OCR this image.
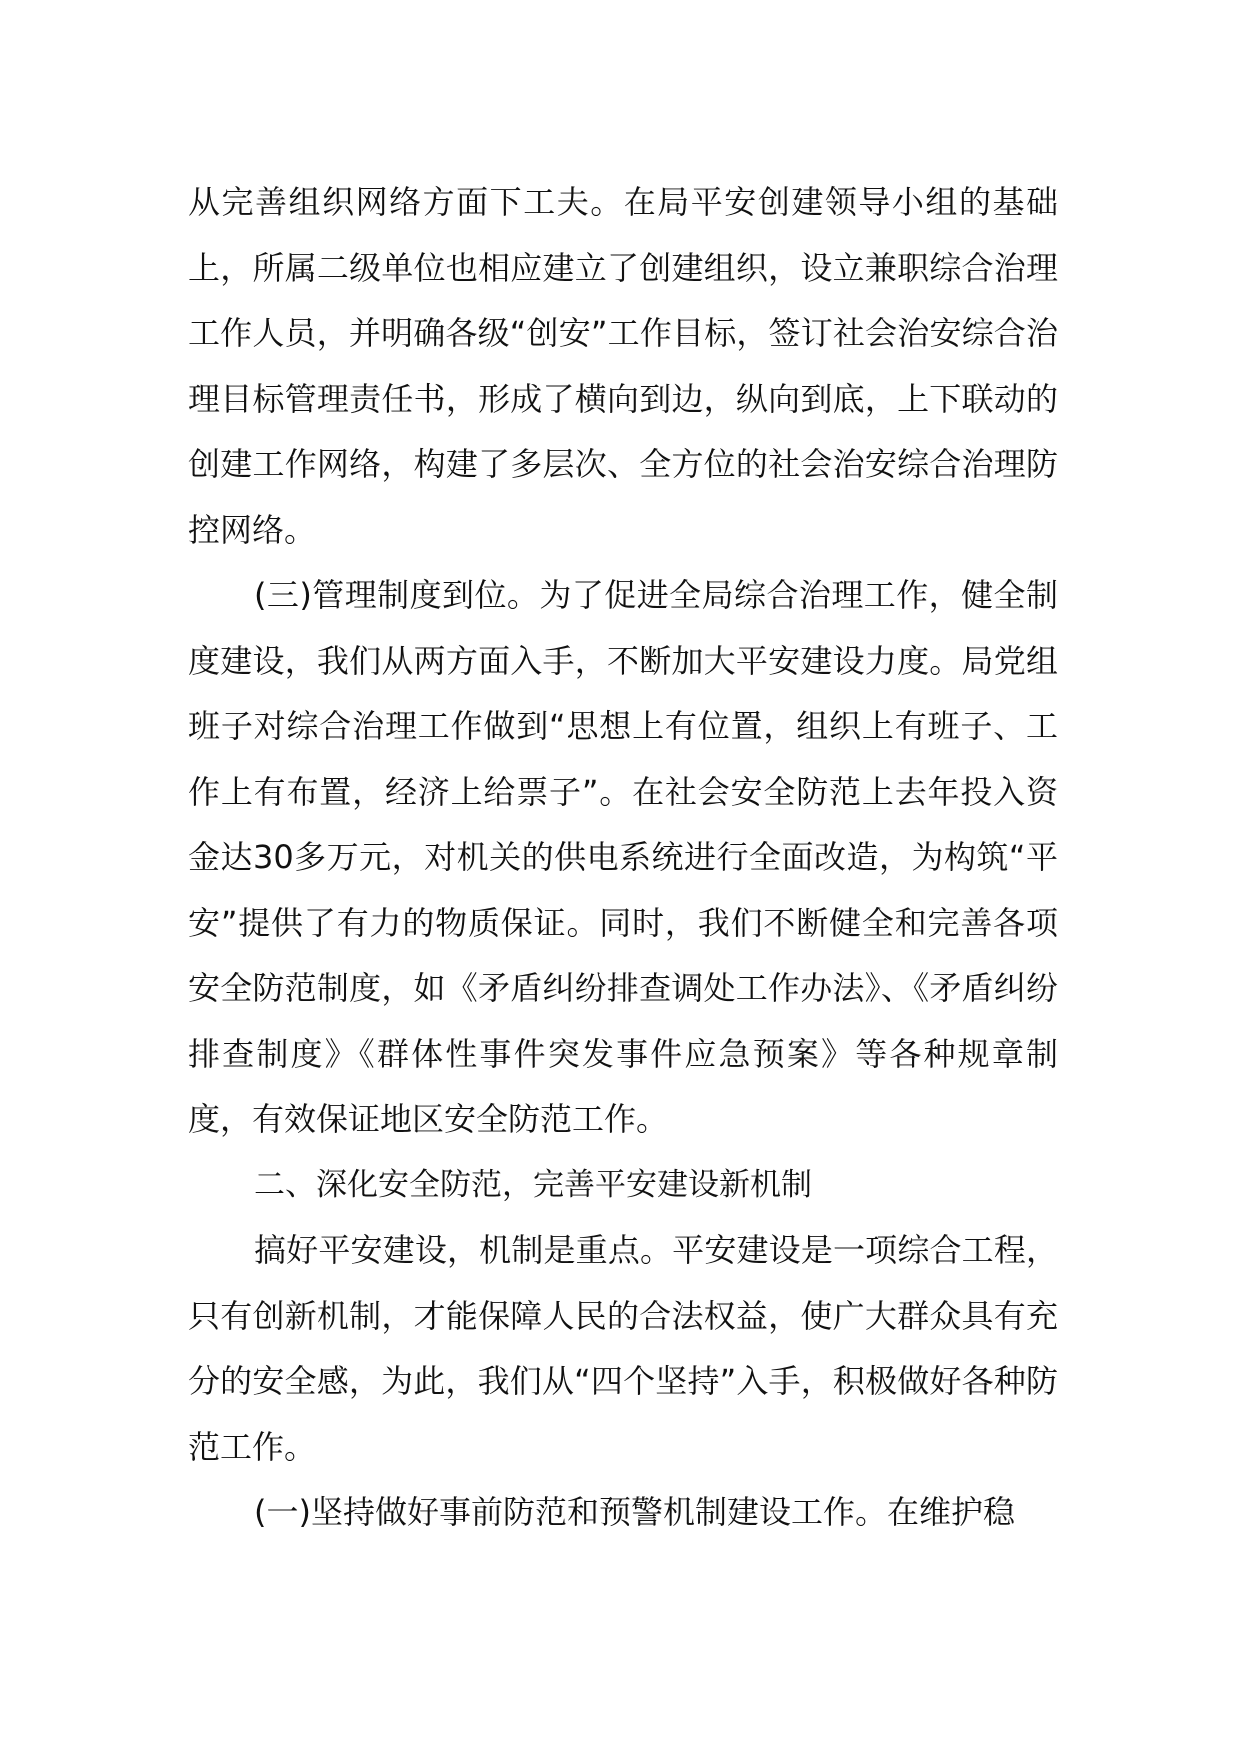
从完善组织网络方面下工夫。在局平安创建领导小组的基础上，所属二级单位也相应建立了创建组织，设立兼职综合治理工作人员，并明确各级“创安”工作目标，签订社会治安综合治理目标管理责任书，形成了横向到边，纵向到底，上下联动的创建工作网络，构建了多层次、全方位的社会治安综合治理防控网络。

(三)管理制度到位。为了促进全局综合治理工作，健全制度建设，我们从两方面入手，不断加大平安建设力度。局党组班子对综合治理工作做到“思想上有位置，组织上有班子、工作上有布置，经济上给票子”。在社会安全防范上去年投入资金达30多万元，对机关的供电系统进行全面改造，为构筑“平安”提供了有力的物质保证。同时，我们不断健全和完善各项安全防范制度，如《矛盾纠纷排查调处工作办法》、《矛盾纠纷排查制度》《群体性事件突发事件应急预案》等各种规章制度，有效保证地区安全防范工作。

二、深化安全防范，完善平安建设新机制

搞好平安建设，机制是重点。平安建设是一项综合工程，只有创新机制，才能保障人民的合法权益，使广大群众具有充分的安全感，为此，我们从“四个坚持”入手，积极做好各种防范工作。

(一)坚持做好事前防范和预警机制建设工作。在维护稳
